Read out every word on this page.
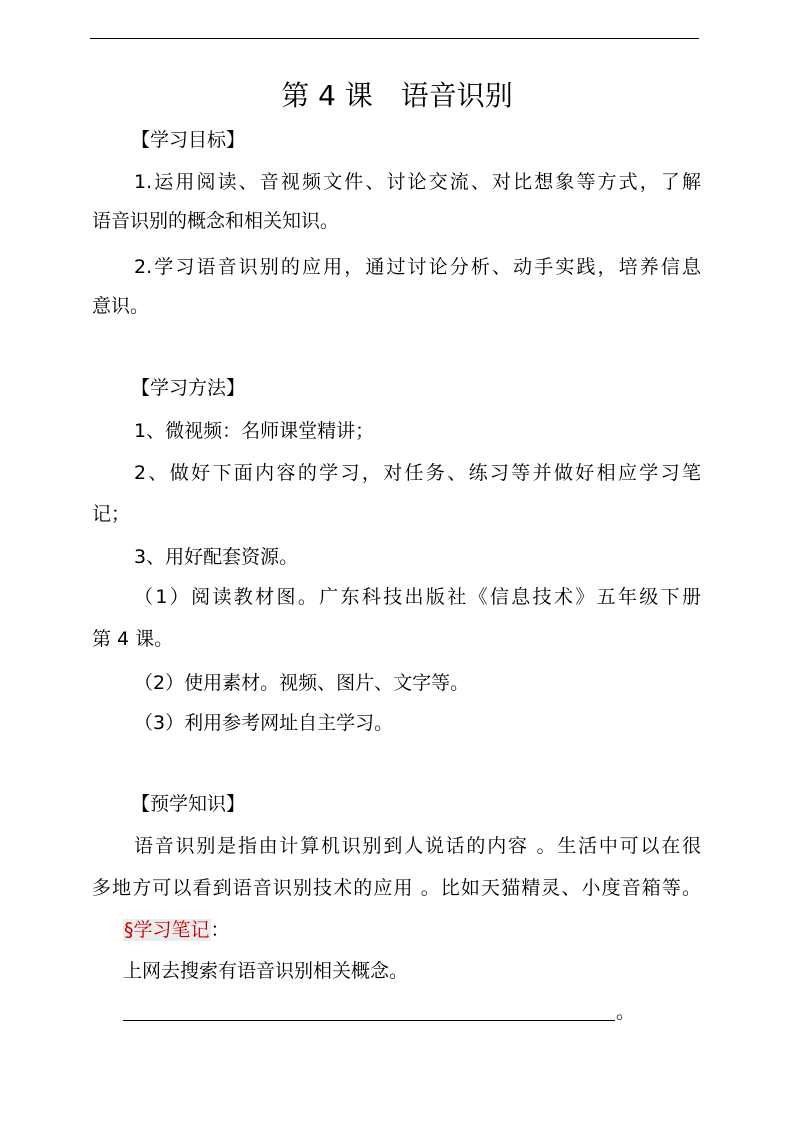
第 4 课　语音识别
【学习目标】
1.运用阅读、音视频文件、讨论交流、对比想象等方式，了解
语音识别的概念和相关知识。
2.学习语音识别的应用，通过讨论分析、动手实践，培养信息
意识。
【学习方法】
1、微视频：名师课堂精讲；
2、做好下面内容的学习，对任务、练习等并做好相应学习笔
记；
3、用好配套资源。
（1）阅读教材图。广东科技出版社《信息技术》五年级下册
第 4 课。
（2）使用素材。视频、图片、文字等。
（3）利用参考网址自主学习。
【预学知识】
语音识别是指由计算机识别到人说话的内容 。生活中可以在很
多地方可以看到语音识别技术的应用 。比如天猫精灵、小度音箱等。
§学习笔记：
上网去搜索有语音识别相关概念。
。
